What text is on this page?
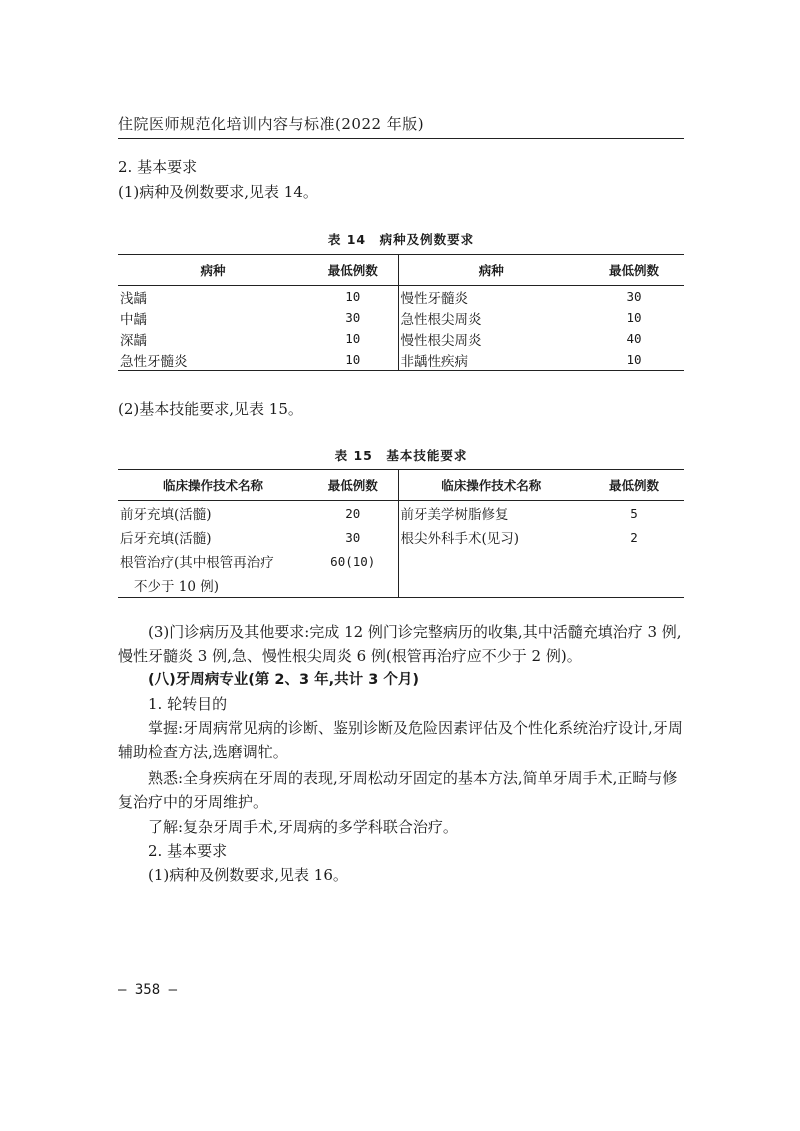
住院医师规范化培训内容与标准(2022 年版)

2. 基本要求

(1)病种及例数要求,见表 14。

表 14　病种及例数要求
病种	最低例数	病种	最低例数
浅龋	10	慢性牙髓炎	30
中龋	30	急性根尖周炎	10
深龋	10	慢性根尖周炎	40
急性牙髓炎	10	非龋性疾病	10

(2)基本技能要求,见表 15。

表 15　基本技能要求
临床操作技术名称	最低例数	临床操作技术名称	最低例数
前牙充填(活髓)	20	前牙美学树脂修复	5
后牙充填(活髓)	30	根尖外科手术(见习)	2
根管治疗(其中根管再治疗	60(10)		
不少于 10 例)			

(3)门诊病历及其他要求:完成 12 例门诊完整病历的收集,其中活髓充填治疗 3 例,慢性牙髓炎 3 例,急、慢性根尖周炎 6 例(根管再治疗应不少于 2 例)。

(八)牙周病专业(第 2、3 年,共计 3 个月)

1. 轮转目的

掌握:牙周病常见病的诊断、鉴别诊断及危险因素评估及个性化系统治疗设计,牙周辅助检查方法,选磨调牤。

熟悉:全身疾病在牙周的表现,牙周松动牙固定的基本方法,简单牙周手术,正畸与修复治疗中的牙周维护。

了解:复杂牙周手术,牙周病的多学科联合治疗。

2. 基本要求

(1)病种及例数要求,见表 16。

— 358 —
